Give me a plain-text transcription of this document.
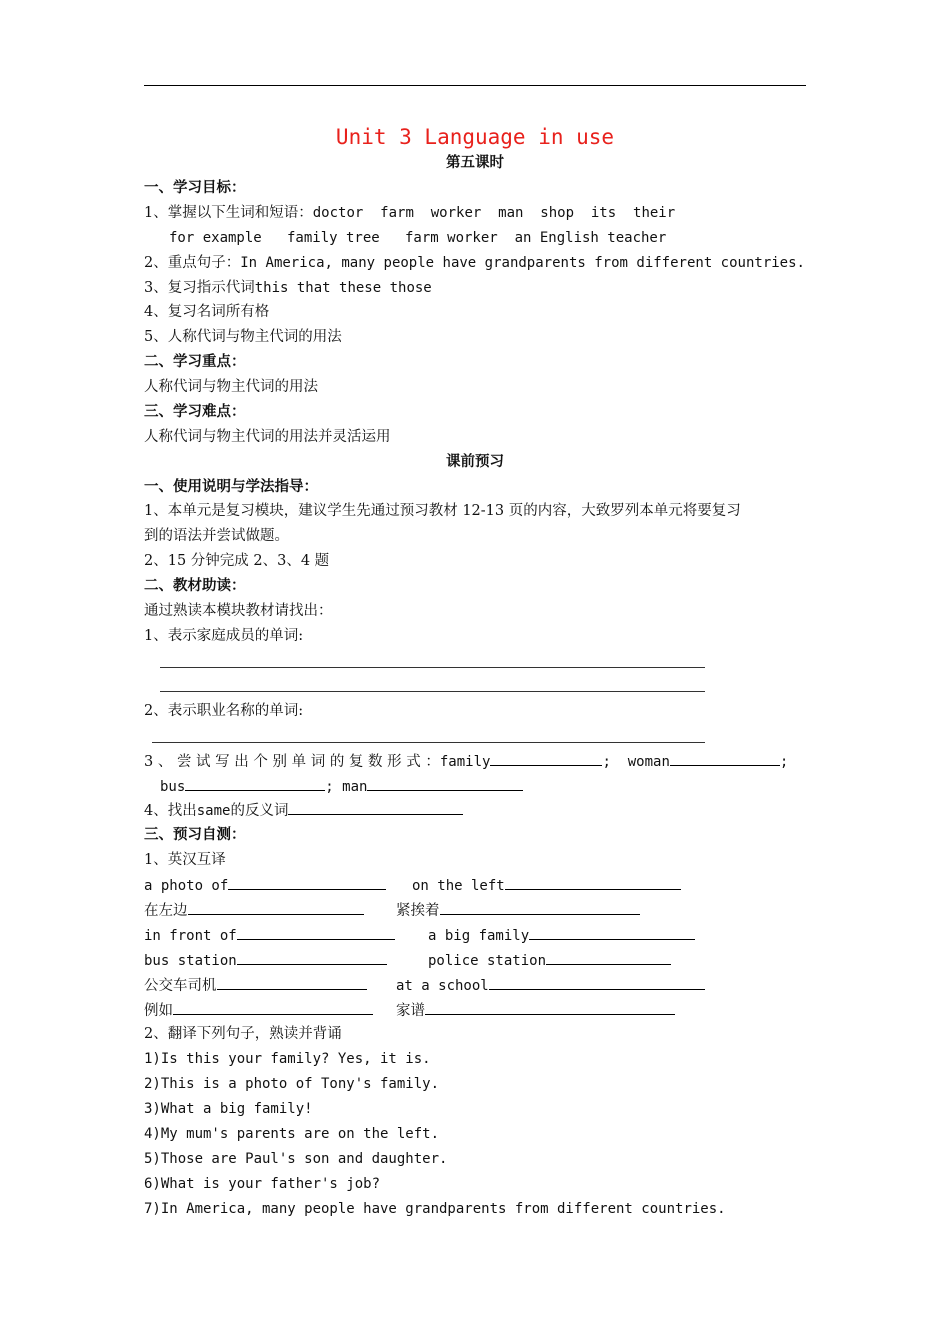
Unit 3 Language in use
第五课时
一、学习目标：
1、掌握以下生词和短语：doctor  farm  worker  man  shop  its  their
for example   family tree   farm worker  an English teacher
2、重点句子：In America, many people have grandparents from different countries.
3、复习指示代词this that these those
4、复习名词所有格
5、人称代词与物主代词的用法
二、学习重点：
人称代词与物主代词的用法
三、学习难点：
人称代词与物主代词的用法并灵活运用
课前预习
一、使用说明与学法指导：
1、本单元是复习模块，建议学生先通过预习教材 12-13 页的内容，大致罗列本单元将要复习
到的语法并尝试做题。
2、15 分钟完成 2、3、4 题
二、教材助读：
通过熟读本模块教材请找出：
1、表示家庭成员的单词:
2、表示职业名称的单词:
3 、 尝 试 写 出 个 别 单 词 的 复 数 形 式 ：family	;  woman	;
bus	; man
4、找出same的反义词
三、预习自测：
1、英汉互译
a photo of	on the left
在左边	紧挨着
in front of	a big family
bus station	police station
公交车司机	at a school
例如	家谱
2、翻译下列句子，熟读并背诵
1)Is this your family? Yes, it is.
2)This is a photo of Tony's family.
3)What a big family!
4)My mum's parents are on the left.
5)Those are Paul's son and daughter.
6)What is your father's job?
7)In America, many people have grandparents from different countries.
